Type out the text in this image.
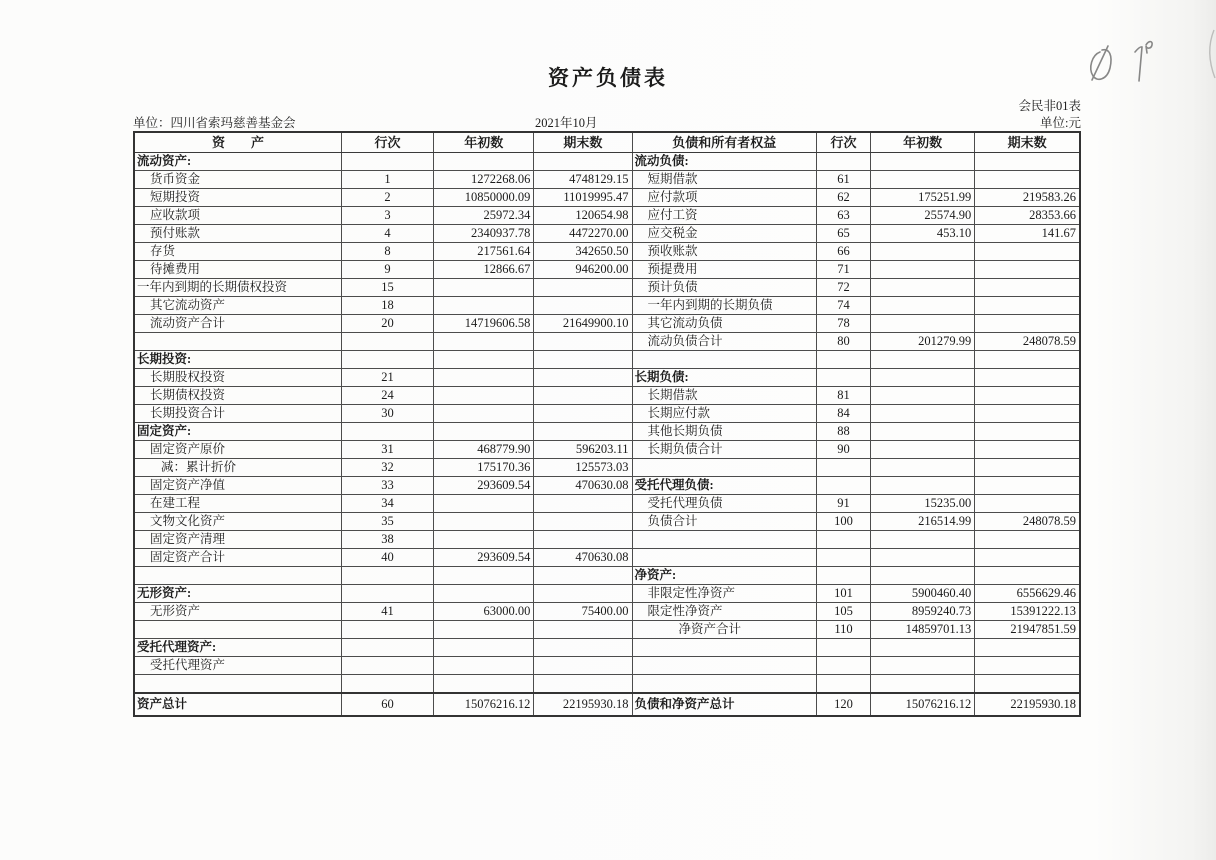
资产负债表
会民非01表
单位：四川省索玛慈善基金会	2021年10月	单位:元
资　　产	行次	年初数	期末数	负债和所有者权益	行次	年初数	期末数
流动资产:				流动负债:			
货币资金	1	1272268.06	4748129.15	短期借款	61		
短期投资	2	10850000.09	11019995.47	应付款项	62	175251.99	219583.26
应收款项	3	25972.34	120654.98	应付工资	63	25574.90	28353.66
预付账款	4	2340937.78	4472270.00	应交税金	65	453.10	141.67
存货	8	217561.64	342650.50	预收账款	66		
待摊费用	9	12866.67	946200.00	预提费用	71		
一年内到期的长期债权投资	15			预计负债	72		
其它流动资产	18			一年内到期的长期负债	74		
流动资产合计	20	14719606.58	21649900.10	其它流动负债	78		
				流动负债合计	80	201279.99	248078.59
长期投资:							
长期股权投资	21			长期负债:			
长期债权投资	24			长期借款	81		
长期投资合计	30			长期应付款	84		
固定资产:				其他长期负债	88		
固定资产原价	31	468779.90	596203.11	长期负债合计	90		
减：累计折价	32	175170.36	125573.03				
固定资产净值	33	293609.54	470630.08	受托代理负债:			
在建工程	34			受托代理负债	91	15235.00	
文物文化资产	35			负债合计	100	216514.99	248078.59
固定资产清理	38						
固定资产合计	40	293609.54	470630.08				
				净资产:			
无形资产:				非限定性净资产	101	5900460.40	6556629.46
无形资产	41	63000.00	75400.00	限定性净资产	105	8959240.73	15391222.13
				净资产合计	110	14859701.13	21947851.59
受托代理资产:							
受托代理资产							

资产总计	60	15076216.12	22195930.18	负债和净资产总计	120	15076216.12	22195930.18
